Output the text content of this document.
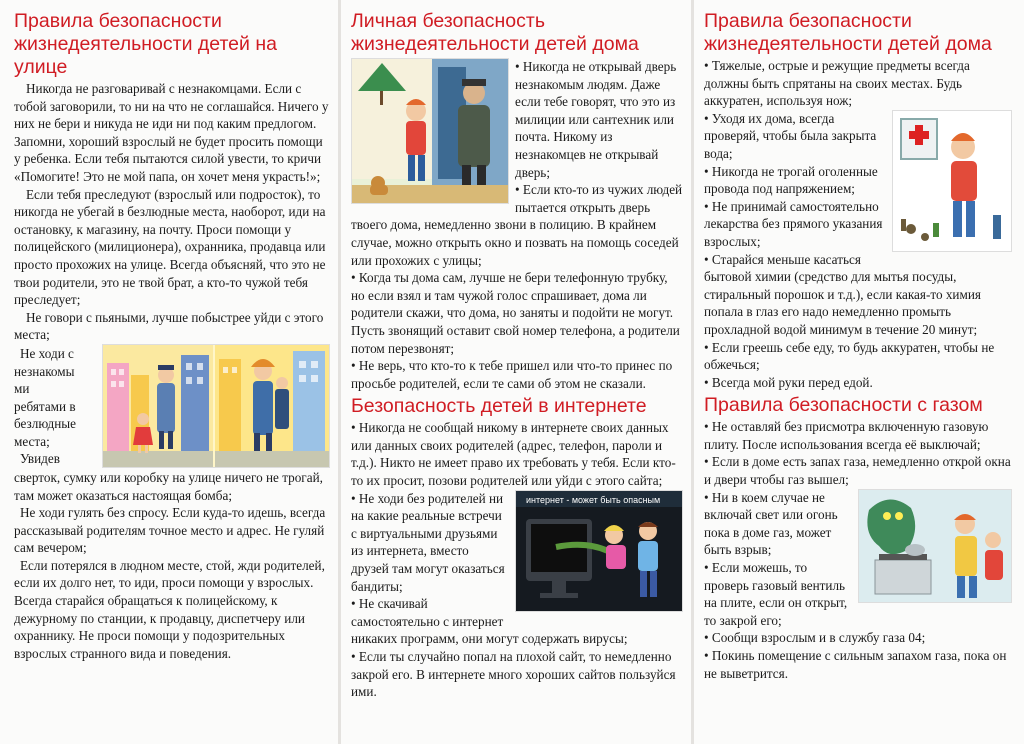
Правила безопасности
жизнедеятельности детей на
улице
Никогда не разговаривай с незнакомцами. Если с тобой заговорили, то ни на что не соглашайся. Ничего у них не бери и никуда не иди ни под каким предлогом. Запомни, хороший взрослый не будет просить помощи у ребенка. Если тебя пытаются силой увести, то кричи «Помогите! Это не мой папа, он хочет меня украсть!»;
Если тебя преследуют (взрослый или подросток), то никогда не убегай в безлюдные места, наоборот, иди на остановку, к магазину, на почту. Проси помощи у полицейского (милиционера), охранника, продавца или просто прохожих на улице. Всегда объясняй, что это не твои родители, это не твой брат, а кто-то чужой тебя преследует;
Не говори с пьяными, лучше побыстрее уйди с этого места;
Не ходи с
незнакомы
ми
ребятами в
безлюдные
места;
Увидев
сверток, сумку или коробку на улице ничего не трогай, там может оказаться настоящая бомба;
Не ходи гулять без спросу. Если куда-то идешь, всегда рассказывай родителям точное место и адрес. Не гуляй сам вечером;
Если потерялся в людном месте, стой, жди родителей, если их долго нет, то иди, проси помощи у взрослых. Всегда старайся обращаться к полицейскому, к дежурному по станции, к продавцу, диспетчеру или охраннику. Не проси помощи у подозрительных взрослых странного вида и поведения.
Личная безопасность
жизнедеятельности детей дома
• Никогда не открывай дверь незнакомым людям. Даже если тебе говорят, что это из милиции или сантехник или почта. Никому из незнакомцев не открывай дверь;
• Если кто-то из чужих людей пытается открыть дверь твоего дома, немедленно звони в полицию. В крайнем случае, можно открыть окно и позвать на помощь соседей или прохожих с улицы;
• Когда ты дома сам, лучше не бери телефонную трубку, но если взял и там чужой голос спрашивает, дома ли родители скажи, что дома, но заняты и подойти не могут. Пусть звонящий оставит свой номер телефона, а родители потом перезвонят;
• Не верь, что кто-то к тебе пришел или что-то принес по просьбе родителей, если те сами об этом не сказали.
Безопасность детей в интернете
• Никогда не сообщай никому в интернете своих данных или данных своих родителей (адрес, телефон, пароли и т.д.). Никто не имеет право их требовать у тебя. Если кто-то их просит, позови родителей или уйди с этого сайта;
интернет - может быть опасным
• Не ходи без родителей ни на какие реальные встречи с виртуальными друзьями из интернета, вместо друзей там могут оказаться бандиты;
• Не скачивай самостоятельно с интернет никаких программ, они могут содержать вирусы;
• Если ты случайно попал на плохой сайт, то немедленно закрой его. В интернете много хороших сайтов пользуйся ими.
Правила безопасности
жизнедеятельности детей дома
• Тяжелые, острые и режущие предметы всегда должны быть спрятаны на своих местах. Будь аккуратен, используя нож;
• Уходя их дома, всегда проверяй, чтобы была закрыта вода;
• Никогда не трогай оголенные провода под напряжением;
• Не принимай самостоятельно лекарства без прямого указания взрослых;
• Старайся меньше касаться бытовой химии (средство для мытья посуды, стиральный порошок и т.д.), если какая-то химия попала в глаз его надо немедленно промыть прохладной водой минимум в течение 20 минут;
• Если греешь себе еду, то будь аккуратен, чтобы не обжечься;
• Всегда мой руки перед едой.
Правила безопасности с газом
• Не оставляй без присмотра включенную газовую плиту. После использования всегда её выключай;
• Если в доме есть запах газа, немедленно открой окна и двери чтобы газ вышел;
• Ни в коем случае не включай свет или огонь пока в доме газ, может быть взрыв;
• Если можешь, то проверь газовый вентиль на плите, если он открыт, то закрой его;
• Сообщи взрослым и в службу газа 04;
• Покинь помещение с сильным запахом газа, пока он не выветрится.
